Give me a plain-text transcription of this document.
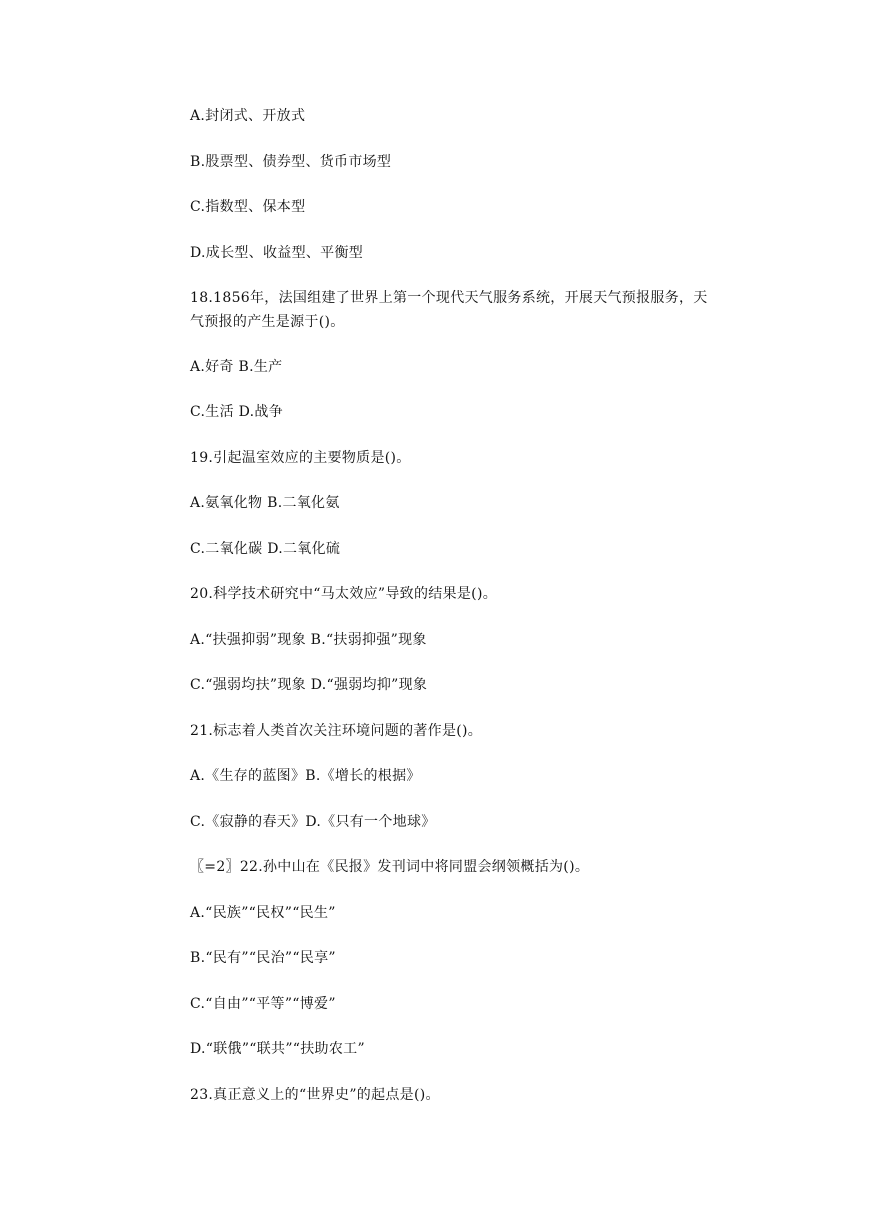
A.封闭式、开放式
B.股票型、债券型、货币市场型
C.指数型、保本型
D.成长型、收益型、平衡型
18.1856年，法国组建了世界上第一个现代天气服务系统，开展天气预报服务，天
气预报的产生是源于()。
A.好奇 B.生产
C.生活 D.战争
19.引起温室效应的主要物质是()。
A.氨氧化物 B.二氧化氨
C.二氧化碳 D.二氧化硫
20.科学技术研究中“马太效应”导致的结果是()。
A.“扶强抑弱”现象 B.“扶弱抑强”现象
C.“强弱均扶”现象 D.“强弱均抑”现象
21.标志着人类首次关注环境问题的著作是()。
A.《生存的蓝图》B.《增长的根据》
C.《寂静的春天》D.《只有一个地球》
〖=2〗22.孙中山在《民报》发刊词中将同盟会纲领概括为()。
A.“民族”“民权”“民生”
B.“民有”“民治”“民享”
C.“自由”“平等”“博爱”
D.“联俄”“联共”“扶助农工”
23.真正意义上的“世界史”的起点是()。
